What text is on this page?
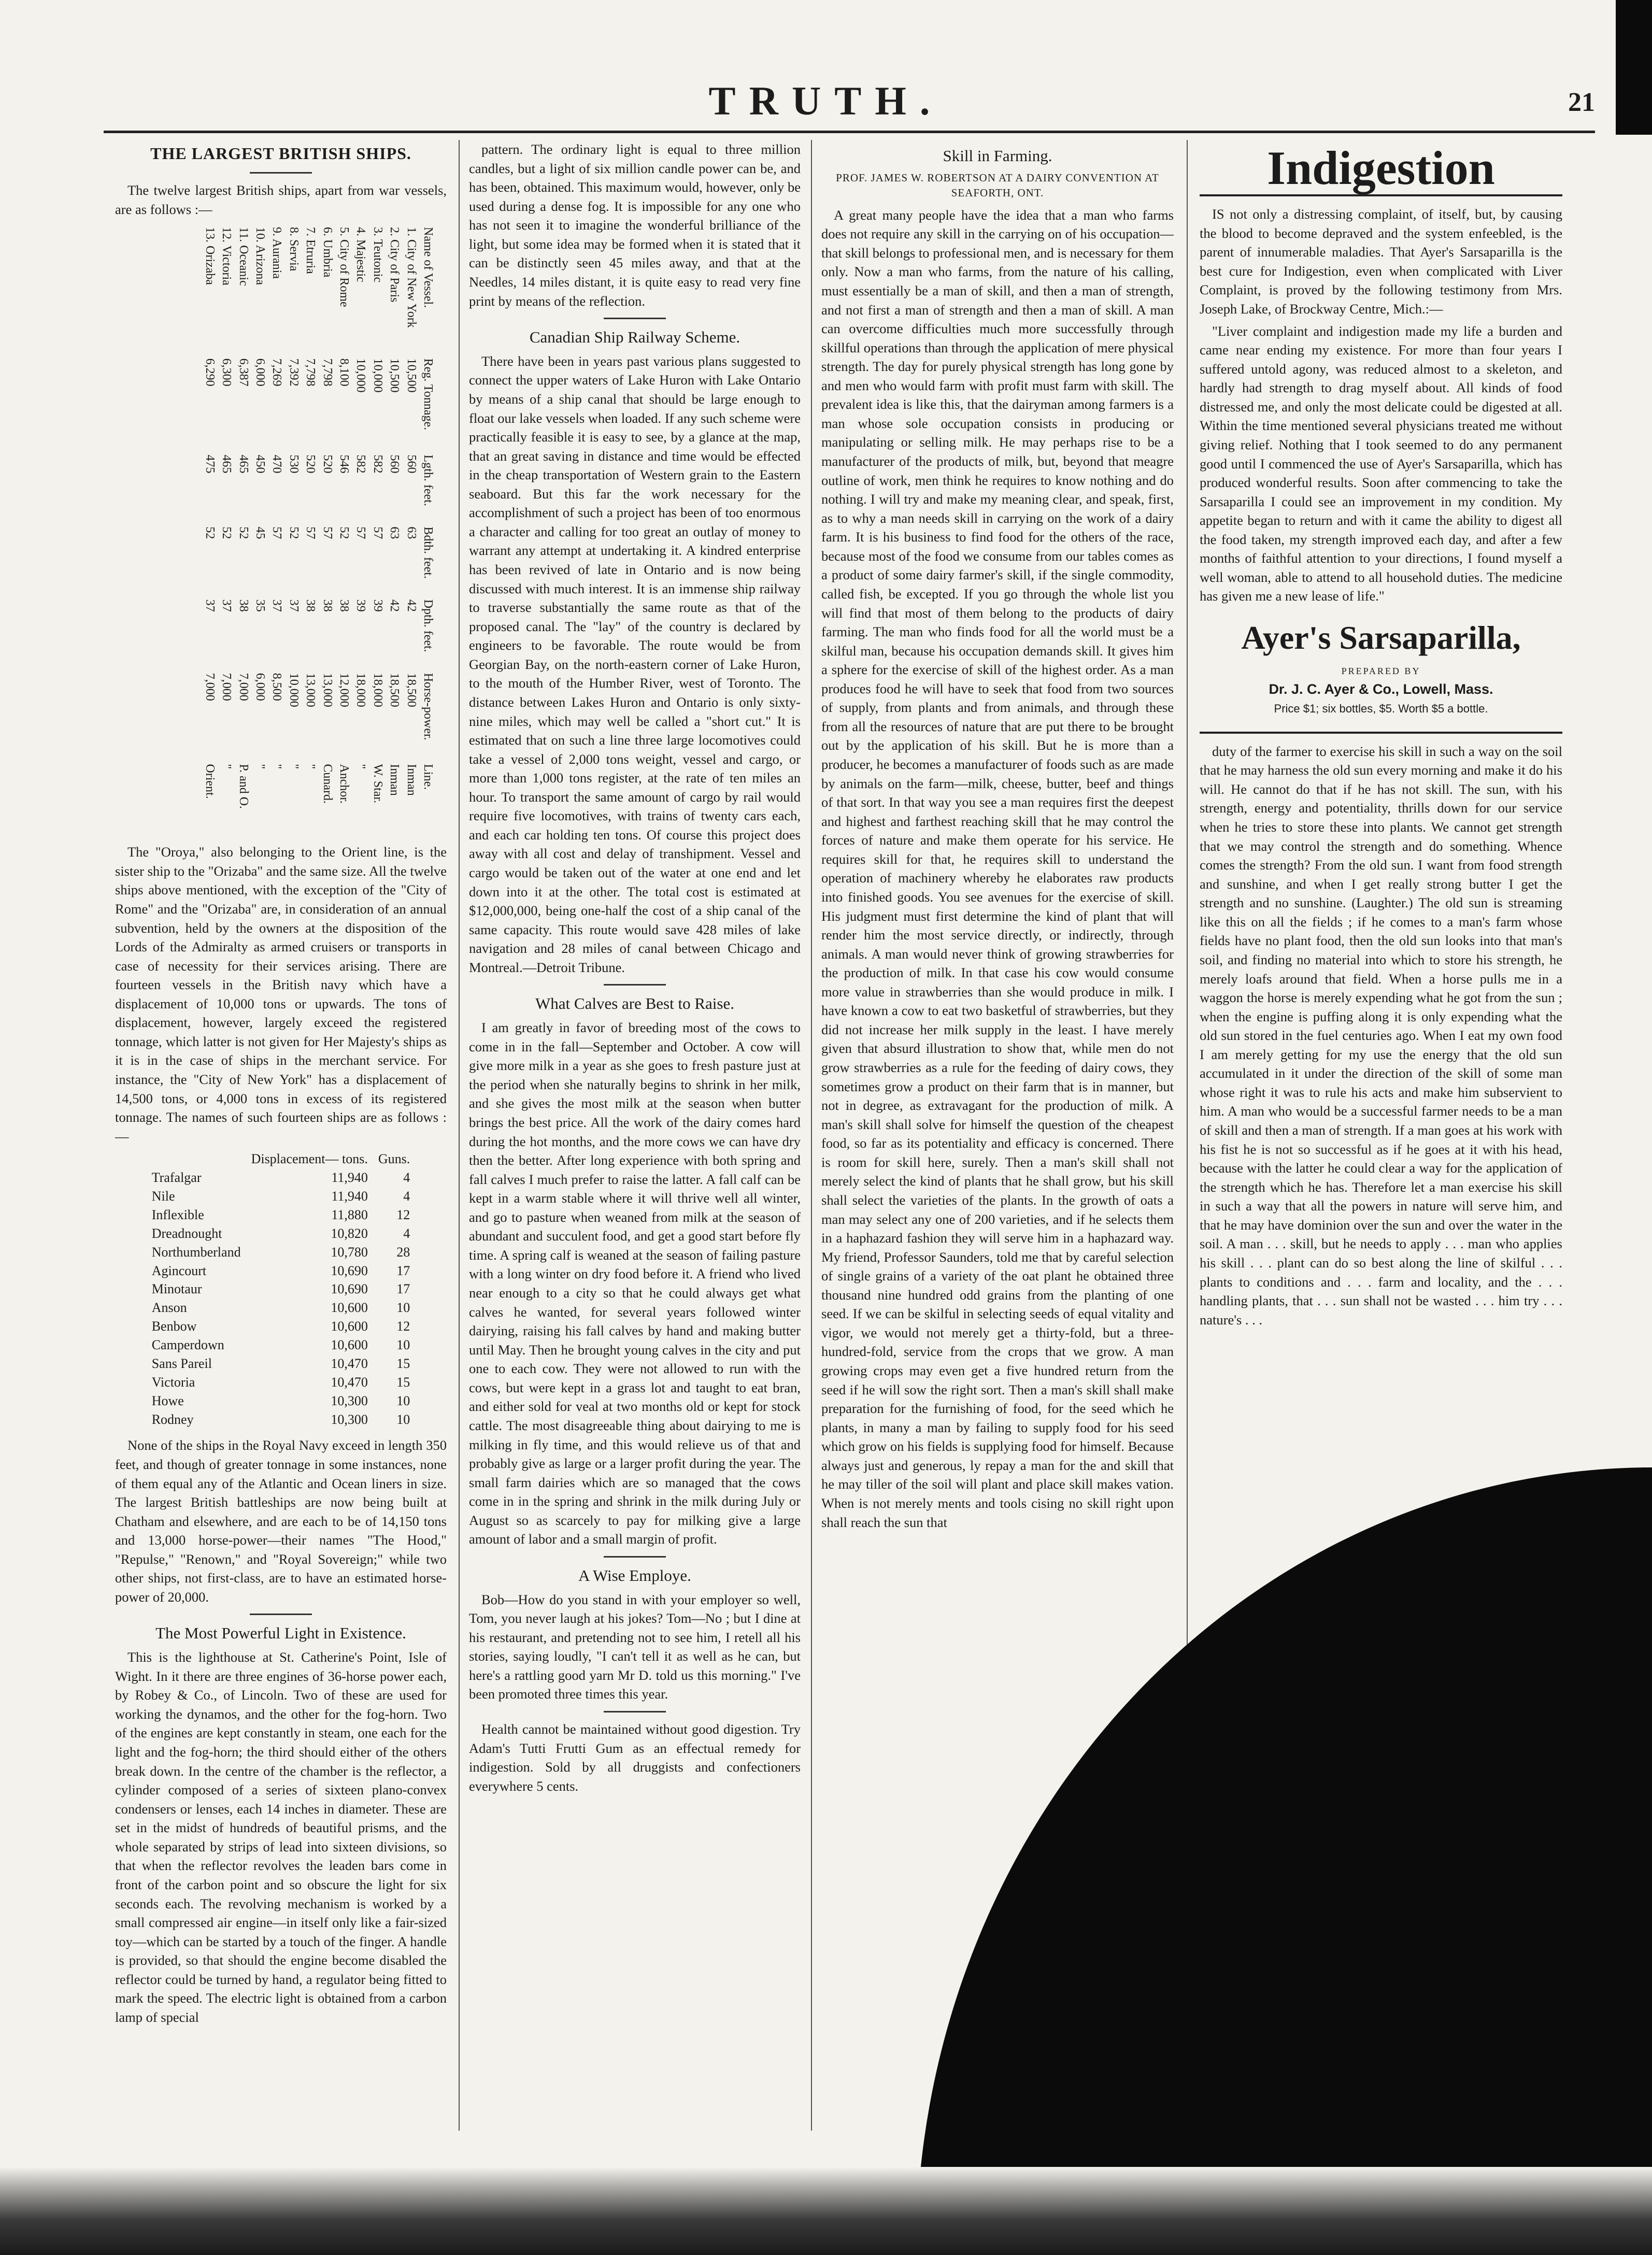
TRUTH.	21
THE LARGEST BRITISH SHIPS.

The twelve largest British ships, apart from war vessels, are as follows :—

Name of Vessel.	Reg. Tonnage.	Lgth. feet.	Bdth. feet.	Dpth. feet.	Horse-power.	Line.
1. City of New York	10,500	560	63	42	18,500	Inman
2. City of Paris	10,500	560	63	42	18,500	Inman
3. Teutonic	10,000	582	57	39	18,000	W. Star.
4. Majestic	10,000	582	57	39	18,000	"
5. City of Rome	8,100	546	52	38	12,000	Anchor.
6. Umbria	7,798	520	57	38	13,000	Cunard.
7. Etruria	7,798	520	57	38	13,000	"
8. Servia	7,392	530	52	37	10,000	"
9. Aurania	7,269	470	57	37	8,500	"
10. Arizona	6,000	450	45	35	6,000	"
11. Oceanic	6,387	465	52	38	7,000	P. and O.
12. Victoria	6,300	465	52	37	7,000	"
13. Orizaba	6,290	475	52	37	7,000	Orient.

The "Oroya," also belonging to the Orient line, is the sister ship to the "Orizaba" and the same size. All the twelve ships above mentioned, with the exception of the "City of Rome" and the "Orizaba" are, in consideration of an annual subvention, held by the owners at the disposition of the Lords of the Admiralty as armed cruisers or transports in case of necessity for their services arising. There are fourteen vessels in the British navy which have a displacement of 10,000 tons or upwards. The tons of displacement, however, largely exceed the registered tonnage, which latter is not given for Her Majesty's ships as it is in the case of ships in the merchant service. For instance, the "City of New York" has a displacement of 14,500 tons, or 4,000 tons in excess of its registered tonnage. The names of such fourteen ships are as follows :—

	Displacement— tons.	Guns.
Trafalgar	11,940	4
Nile	11,940	4
Inflexible	11,880	12
Dreadnought	10,820	4
Northumberland	10,780	28
Agincourt	10,690	17
Minotaur	10,690	17
Anson	10,600	10
Benbow	10,600	12
Camperdown	10,600	10
Sans Pareil	10,470	15
Victoria	10,470	15
Howe	10,300	10
Rodney	10,300	10

None of the ships in the Royal Navy exceed in length 350 feet, and though of greater tonnage in some instances, none of them equal any of the Atlantic and Ocean liners in size. The largest British battleships are now being built at Chatham and elsewhere, and are each to be of 14,150 tons and 13,000 horse-power—their names "The Hood," "Repulse," "Renown," and "Royal Sovereign;" while two other ships, not first-class, are to have an estimated horse-power of 20,000.

The Most Powerful Light in Existence.

This is the lighthouse at St. Catherine's Point, Isle of Wight. In it there are three engines of 36-horse power each, by Robey & Co., of Lincoln. Two of these are used for working the dynamos, and the other for the fog-horn. Two of the engines are kept constantly in steam, one each for the light and the fog-horn; the third should either of the others break down. In the centre of the chamber is the reflector, a cylinder composed of a series of sixteen plano-convex condensers or lenses, each 14 inches in diameter. These are set in the midst of hundreds of beautiful prisms, and the whole separated by strips of lead into sixteen divisions, so that when the reflector revolves the leaden bars come in front of the carbon point and so obscure the light for six seconds each. The revolving mechanism is worked by a small compressed air engine—in itself only like a fair-sized toy—which can be started by a touch of the finger. A handle is provided, so that should the engine become disabled the reflector could be turned by hand, a regulator being fitted to mark the speed. The electric light is obtained from a carbon lamp of special

pattern. The ordinary light is equal to three million candles, but a light of six million candle power can be, and has been, obtained. This maximum would, however, only be used during a dense fog. It is impossible for any one who has not seen it to imagine the wonderful brilliance of the light, but some idea may be formed when it is stated that it can be distinctly seen 45 miles away, and that at the Needles, 14 miles distant, it is quite easy to read very fine print by means of the reflection.

Canadian Ship Railway Scheme.

There have been in years past various plans suggested to connect the upper waters of Lake Huron with Lake Ontario by means of a ship canal that should be large enough to float our lake vessels when loaded. If any such scheme were practically feasible it is easy to see, by a glance at the map, that an great saving in distance and time would be effected in the cheap transportation of Western grain to the Eastern seaboard. But this far the work necessary for the accomplishment of such a project has been of too enormous a character and calling for too great an outlay of money to warrant any attempt at undertaking it. A kindred enterprise has been revived of late in Ontario and is now being discussed with much interest. It is an immense ship railway to traverse substantially the same route as that of the proposed canal. The "lay" of the country is declared by engineers to be favorable. The route would be from Georgian Bay, on the north-eastern corner of Lake Huron, to the mouth of the Humber River, west of Toronto. The distance between Lakes Huron and Ontario is only sixty-nine miles, which may well be called a "short cut." It is estimated that on such a line three large locomotives could take a vessel of 2,000 tons weight, vessel and cargo, or more than 1,000 tons register, at the rate of ten miles an hour. To transport the same amount of cargo by rail would require five locomotives, with trains of twenty cars each, and each car holding ten tons. Of course this project does away with all cost and delay of transhipment. Vessel and cargo would be taken out of the water at one end and let down into it at the other. The total cost is estimated at $12,000,000, being one-half the cost of a ship canal of the same capacity. This route would save 428 miles of lake navigation and 28 miles of canal between Chicago and Montreal.—Detroit Tribune.

What Calves are Best to Raise.

I am greatly in favor of breeding most of the cows to come in in the fall—September and October. A cow will give more milk in a year as she goes to fresh pasture just at the period when she naturally begins to shrink in her milk, and she gives the most milk at the season when butter brings the best price. All the work of the dairy comes hard during the hot months, and the more cows we can have dry then the better. After long experience with both spring and fall calves I much prefer to raise the latter. A fall calf can be kept in a warm stable where it will thrive well all winter, and go to pasture when weaned from milk at the season of abundant and succulent food, and get a good start before fly time. A spring calf is weaned at the season of failing pasture with a long winter on dry food before it. A friend who lived near enough to a city so that he could always get what calves he wanted, for several years followed winter dairying, raising his fall calves by hand and making butter until May. Then he brought young calves in the city and put one to each cow. They were not allowed to run with the cows, but were kept in a grass lot and taught to eat bran, and either sold for veal at two months old or kept for stock cattle. The most disagreeable thing about dairying to me is milking in fly time, and this would relieve us of that and probably give as large or a larger profit during the year. The small farm dairies which are so managed that the cows come in in the spring and shrink in the milk during July or August so as scarcely to pay for milking give a large amount of labor and a small margin of profit.

A Wise Employe.

Bob—How do you stand in with your employer so well, Tom, you never laugh at his jokes? Tom—No ; but I dine at his restaurant, and pretending not to see him, I retell all his stories, saying loudly, "I can't tell it as well as he can, but here's a rattling good yarn Mr D. told us this morning." I've been promoted three times this year.

Health cannot be maintained without good digestion. Try Adam's Tutti Frutti Gum as an effectual remedy for indigestion. Sold by all druggists and confectioners everywhere 5 cents.

Skill in Farming.
PROF. JAMES W. ROBERTSON AT A DAIRY CONVENTION AT SEAFORTH, ONT.

A great many people have the idea that a man who farms does not require any skill in the carrying on of his occupation—that skill belongs to professional men, and is necessary for them only. Now a man who farms, from the nature of his calling, must essentially be a man of skill, and then a man of strength, and not first a man of strength and then a man of skill. A man can overcome difficulties much more successfully through skillful operations than through the application of mere physical strength. The day for purely physical strength has long gone by and men who would farm with profit must farm with skill. The prevalent idea is like this, that the dairyman among farmers is a man whose sole occupation consists in producing or manipulating or selling milk. He may perhaps rise to be a manufacturer of the products of milk, but, beyond that meagre outline of work, men think he requires to know nothing and do nothing. I will try and make my meaning clear, and speak, first, as to why a man needs skill in carrying on the work of a dairy farm. It is his business to find food for the others of the race, because most of the food we consume from our tables comes as a product of some dairy farmer's skill, if the single commodity, called fish, be excepted. If you go through the whole list you will find that most of them belong to the products of dairy farming. The man who finds food for all the world must be a skilful man, because his occupation demands skill. It gives him a sphere for the exercise of skill of the highest order. As a man produces food he will have to seek that food from two sources of supply, from plants and from animals, and through these from all the resources of nature that are put there to be brought out by the application of his skill. But he is more than a producer, he becomes a manufacturer of foods such as are made by animals on the farm—milk, cheese, butter, beef and things of that sort. In that way you see a man requires first the deepest and highest and farthest reaching skill that he may control the forces of nature and make them operate for his service. He requires skill for that, he requires skill to understand the operation of machinery whereby he elaborates raw products into finished goods. You see avenues for the exercise of skill. His judgment must first determine the kind of plant that will render him the most service directly, or indirectly, through animals. A man would never think of growing strawberries for the production of milk. In that case his cow would consume more value in strawberries than she would produce in milk. I have known a cow to eat two basketful of strawberries, but they did not increase her milk supply in the least. I have merely given that absurd illustration to show that, while men do not grow strawberries as a rule for the feeding of dairy cows, they sometimes grow a product on their farm that is in manner, but not in degree, as extravagant for the production of milk. A man's skill shall solve for himself the question of the cheapest food, so far as its potentiality and efficacy is concerned. There is room for skill here, surely. Then a man's skill shall not merely select the kind of plants that he shall grow, but his skill shall select the varieties of the plants. In the growth of oats a man may select any one of 200 varieties, and if he selects them in a haphazard fashion they will serve him in a haphazard way. My friend, Professor Saunders, told me that by careful selection of single grains of a variety of the oat plant he obtained three thousand nine hundred odd grains from the planting of one seed. If we can be skilful in selecting seeds of equal vitality and vigor, we would not merely get a thirty-fold, but a three-hundred-fold, service from the crops that we grow. A man growing crops may even get a five hundred return from the seed if he will sow the right sort. Then a man's skill shall make preparation for the furnishing of food, for the seed which he plants, in many a man by failing to supply food for his seed which grow on his fields is supplying food for himself. Because always just and generous, ly repay a man for the and skill that he may tiller of the soil will plant and place skill makes vation. When is not merely ments and tools cising no skill right upon shall reach the sun that

Indigestion

IS not only a distressing complaint, of itself, but, by causing the blood to become depraved and the system enfeebled, is the parent of innumerable maladies. That Ayer's Sarsaparilla is the best cure for Indigestion, even when complicated with Liver Complaint, is proved by the following testimony from Mrs. Joseph Lake, of Brockway Centre, Mich.:—

"Liver complaint and indigestion made my life a burden and came near ending my existence. For more than four years I suffered untold agony, was reduced almost to a skeleton, and hardly had strength to drag myself about. All kinds of food distressed me, and only the most delicate could be digested at all. Within the time mentioned several physicians treated me without giving relief. Nothing that I took seemed to do any permanent good until I commenced the use of Ayer's Sarsaparilla, which has produced wonderful results. Soon after commencing to take the Sarsaparilla I could see an improvement in my condition. My appetite began to return and with it came the ability to digest all the food taken, my strength improved each day, and after a few months of faithful attention to your directions, I found myself a well woman, able to attend to all household duties. The medicine has given me a new lease of life."

Ayer's Sarsaparilla,
PREPARED BY
Dr. J. C. Ayer & Co., Lowell, Mass.
Price $1; six bottles, $5. Worth $5 a bottle.

duty of the farmer to exercise his skill in such a way on the soil that he may harness the old sun every morning and make it do his will. He cannot do that if he has not skill. The sun, with his strength, energy and potentiality, thrills down for our service when he tries to store these into plants. We cannot get strength that we may control the strength and do something. Whence comes the strength? From the old sun. I want from food strength and sunshine, and when I get really strong butter I get the strength and no sunshine. (Laughter.) The old sun is streaming like this on all the fields ; if he comes to a man's farm whose fields have no plant food, then the old sun looks into that man's soil, and finding no material into which to store his strength, he merely loafs around that field. When a horse pulls me in a waggon the horse is merely expending what he got from the sun ; when the engine is puffing along it is only expending what the old sun stored in the fuel centuries ago. When I eat my own food I am merely getting for my use the energy that the old sun accumulated in it under the direction of the skill of some man whose right it was to rule his acts and make him subservient to him. A man who would be a successful farmer needs to be a man of skill and then a man of strength. If a man goes at his work with his fist he is not so successful as if he goes at it with his head, because with the latter he could clear a way for the application of the strength which he has. Therefore let a man exercise his skill in such a way that all the powers in nature will serve him, and that he may have dominion over the sun and over the water in the soil. A man . . . skill, but he needs to apply . . . man who applies his skill . . . plant can do so best along the line of skilful . . . plants to conditions and . . . farm and locality, and the . . . handling plants, that . . . sun shall not be wasted . . . him try . . . nature's . . .
